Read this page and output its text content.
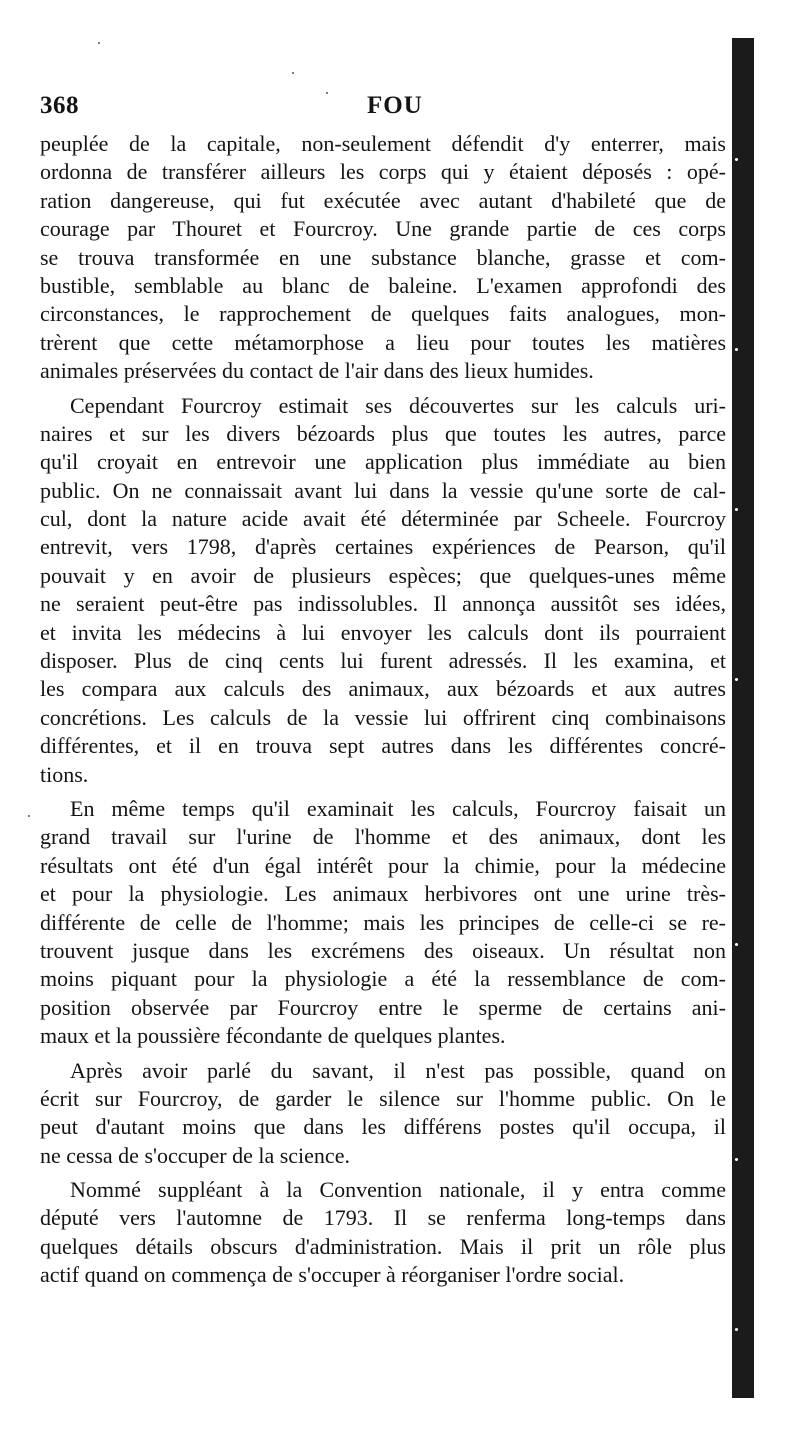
368	FOU
peuplée de la capitale, non-seulement défendit d'y enterrer, mais
ordonna de transférer ailleurs les corps qui y étaient déposés : opé-
ration dangereuse, qui fut exécutée avec autant d'habileté que de
courage par Thouret et Fourcroy. Une grande partie de ces corps
se trouva transformée en une substance blanche, grasse et com-
bustible, semblable au blanc de baleine. L'examen approfondi des
circonstances, le rapprochement de quelques faits analogues, mon-
trèrent que cette métamorphose a lieu pour toutes les matières
animales préservées du contact de l'air dans des lieux humides.
Cependant Fourcroy estimait ses découvertes sur les calculs uri-
naires et sur les divers bézoards plus que toutes les autres, parce
qu'il croyait en entrevoir une application plus immédiate au bien
public. On ne connaissait avant lui dans la vessie qu'une sorte de cal-
cul, dont la nature acide avait été déterminée par Scheele. Fourcroy
entrevit, vers 1798, d'après certaines expériences de Pearson, qu'il
pouvait y en avoir de plusieurs espèces; que quelques-unes même
ne seraient peut-être pas indissolubles. Il annonça aussitôt ses idées,
et invita les médecins à lui envoyer les calculs dont ils pourraient
disposer. Plus de cinq cents lui furent adressés. Il les examina, et
les compara aux calculs des animaux, aux bézoards et aux autres
concrétions. Les calculs de la vessie lui offrirent cinq combinaisons
différentes, et il en trouva sept autres dans les différentes concré-
tions.
En même temps qu'il examinait les calculs, Fourcroy faisait un
grand travail sur l'urine de l'homme et des animaux, dont les
résultats ont été d'un égal intérêt pour la chimie, pour la médecine
et pour la physiologie. Les animaux herbivores ont une urine très-
différente de celle de l'homme; mais les principes de celle-ci se re-
trouvent jusque dans les excrémens des oiseaux. Un résultat non
moins piquant pour la physiologie a été la ressemblance de com-
position observée par Fourcroy entre le sperme de certains ani-
maux et la poussière fécondante de quelques plantes.
Après avoir parlé du savant, il n'est pas possible, quand on
écrit sur Fourcroy, de garder le silence sur l'homme public. On le
peut d'autant moins que dans les différens postes qu'il occupa, il
ne cessa de s'occuper de la science.
Nommé suppléant à la Convention nationale, il y entra comme
député vers l'automne de 1793. Il se renferma long-temps dans
quelques détails obscurs d'administration. Mais il prit un rôle plus
actif quand on commença de s'occuper à réorganiser l'ordre social.
